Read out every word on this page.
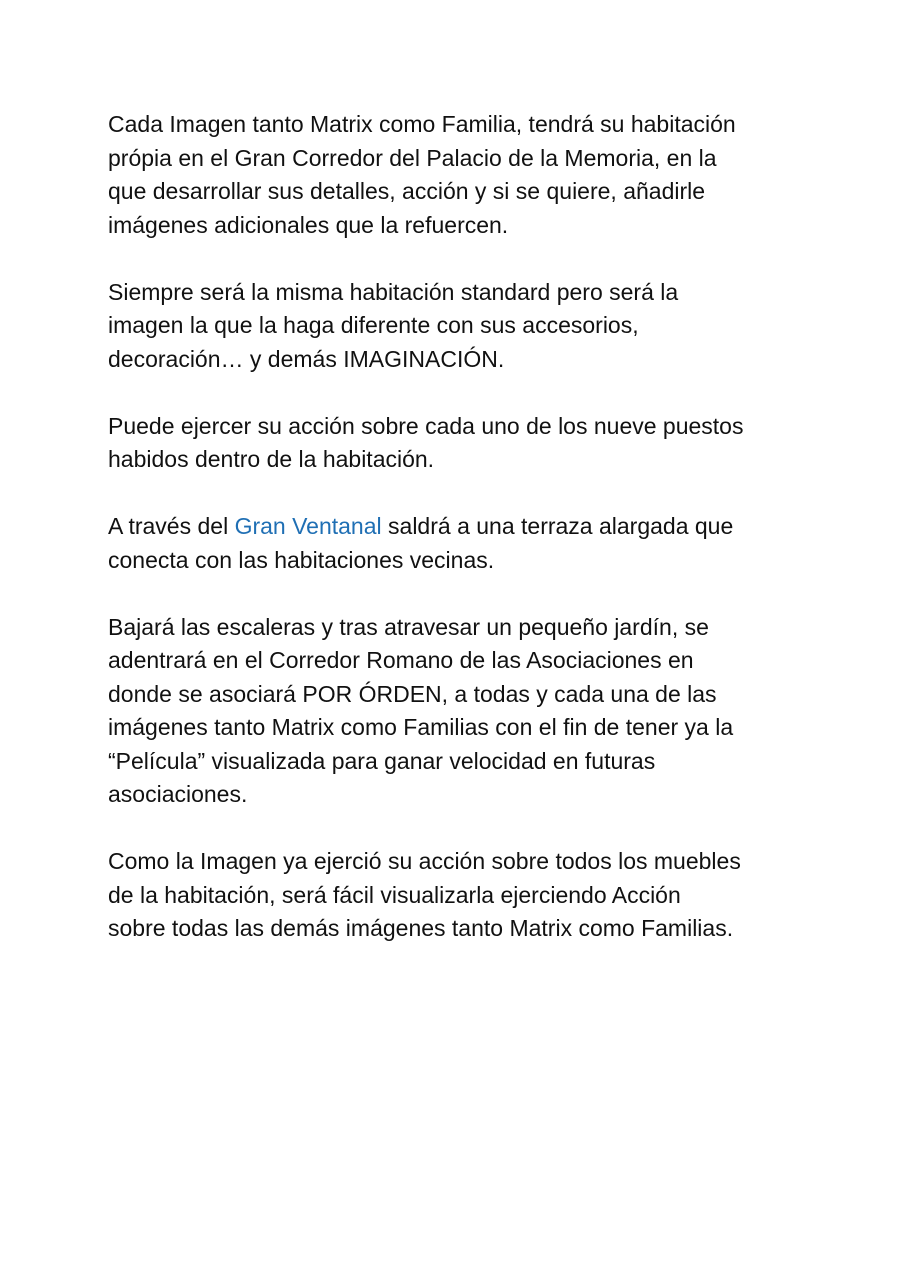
Cada Imagen tanto Matrix como Familia, tendrá su habitación
própia en el Gran Corredor del Palacio de la Memoria, en la
que desarrollar sus detalles, acción y si se quiere, añadirle
imágenes adicionales que la refuercen.

Siempre será la misma habitación standard pero será la
imagen la que la haga diferente con sus accesorios,
decoración… y demás IMAGINACIÓN.

Puede ejercer su acción sobre cada uno de los nueve puestos
habidos dentro de la habitación.

A través del Gran Ventanal saldrá a una terraza alargada que
conecta con las habitaciones vecinas.

Bajará las escaleras y tras atravesar un pequeño jardín, se
adentrará en el Corredor Romano de las Asociaciones en
donde se asociará POR ÓRDEN, a todas y cada una de las
imágenes tanto Matrix como Familias con el fin de tener ya la
“Película” visualizada para ganar velocidad en futuras
asociaciones.

Como la Imagen ya ejerció su acción sobre todos los muebles
de la habitación, será fácil visualizarla ejerciendo Acción
sobre todas las demás imágenes tanto Matrix como Familias.
